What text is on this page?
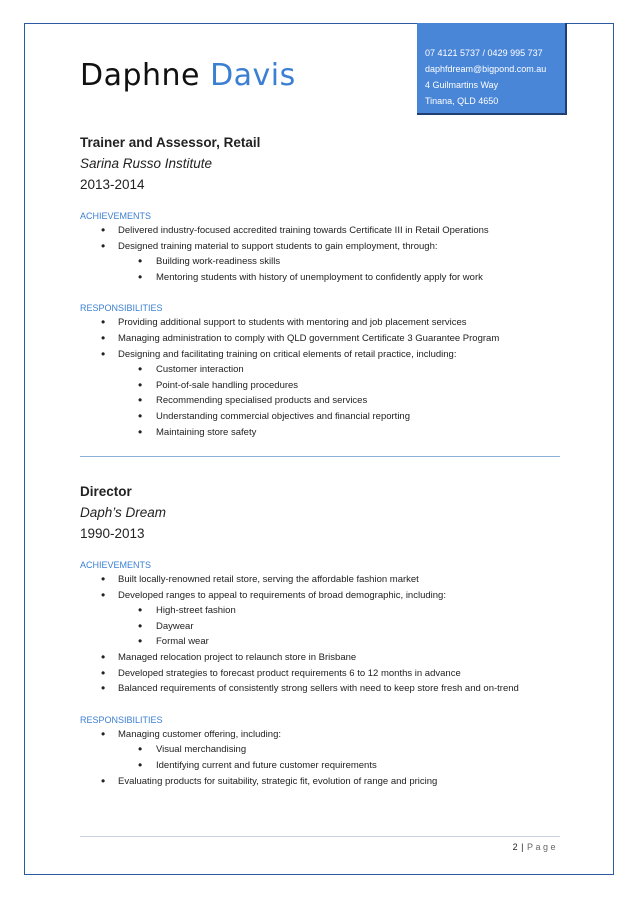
07 4121 5737 / 0429 995 737
daphfdream@bigpond.com.au
4 Guilmartins Way
Tinana, QLD 4650
Daphne Davis

Trainer and Assessor, Retail

Sarina Russo Institute

2013-2014

ACHIEVEMENTS

• Delivered industry-focused accredited training towards Certificate III in Retail Operations
• Designed training material to support students to gain employment, through:
• Building work-readiness skills
• Mentoring students with history of unemployment to confidently apply for work

RESPONSIBILITIES

• Providing additional support to students with mentoring and job placement services
• Managing administration to comply with QLD government Certificate 3 Guarantee Program
• Designing and facilitating training on critical elements of retail practice, including:
• Customer interaction
• Point-of-sale handling procedures
• Recommending specialised products and services
• Understanding commercial objectives and financial reporting
• Maintaining store safety

Director

Daph’s Dream

1990-2013

ACHIEVEMENTS

• Built locally-renowned retail store, serving the affordable fashion market
• Developed ranges to appeal to requirements of broad demographic, including:
• High-street fashion
• Daywear
• Formal wear
• Managed relocation project to relaunch store in Brisbane
• Developed strategies to forecast product requirements 6 to 12 months in advance
• Balanced requirements of consistently strong sellers with need to keep store fresh and on-trend

RESPONSIBILITIES

• Managing customer offering, including:
• Visual merchandising
• Identifying current and future customer requirements
• Evaluating products for suitability, strategic fit, evolution of range and pricing
2 | Page
